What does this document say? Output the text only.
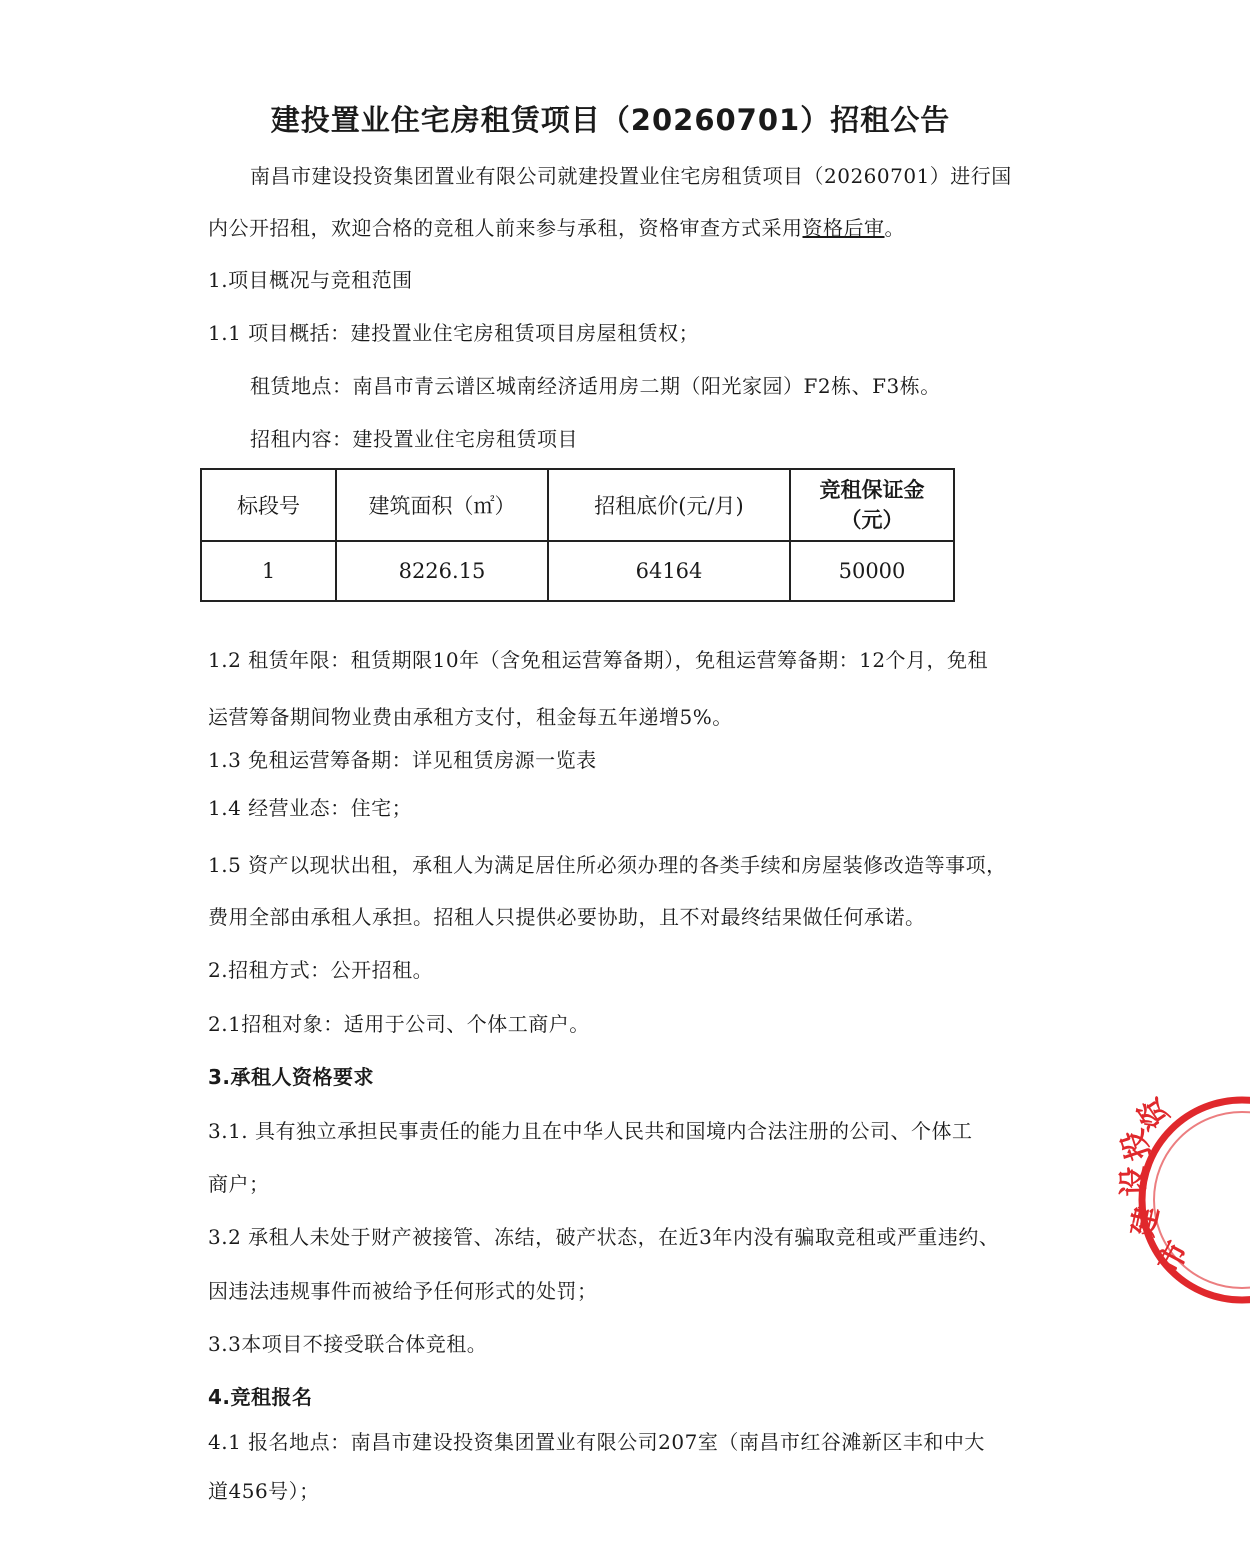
建投置业住宅房租赁项目（20260701）招租公告
南昌市建设投资集团置业有限公司就建投置业住宅房租赁项目（20260701）进行国
内公开招租，欢迎合格的竞租人前来参与承租，资格审查方式采用资格后审。
1.项目概况与竞租范围
1.1 项目概括：建投置业住宅房租赁项目房屋租赁权；
租赁地点：南昌市青云谱区城南经济适用房二期（阳光家园）F2栋、F3栋。
招租内容：建投置业住宅房租赁项目
标段号	建筑面积（㎡）	招租底价(元/月)	竞租保证金
（元）

1	8226.15	64164	50000
1.2 租赁年限：租赁期限10年（含免租运营筹备期），免租运营筹备期：12个月，免租
运营筹备期间物业费由承租方支付，租金每五年递增5%。
1.3 免租运营筹备期：详见租赁房源一览表
1.4 经营业态：住宅；
1.5 资产以现状出租，承租人为满足居住所必须办理的各类手续和房屋装修改造等事项，
费用全部由承租人承担。招租人只提供必要协助，且不对最终结果做任何承诺。
2.招租方式：公开招租。
2.1招租对象：适用于公司、个体工商户。
3.承租人资格要求
3.1. 具有独立承担民事责任的能力且在中华人民共和国境内合法注册的公司、个体工
商户；
3.2 承租人未处于财产被接管、冻结，破产状态，在近3年内没有骗取竞租或严重违约、
因违法违规事件而被给予任何形式的处罚；
3.3本项目不接受联合体竞租。
4.竞租报名
4.1 报名地点：南昌市建设投资集团置业有限公司207室（南昌市红谷滩新区丰和中大
道456号）；
市
建
设
投
资
